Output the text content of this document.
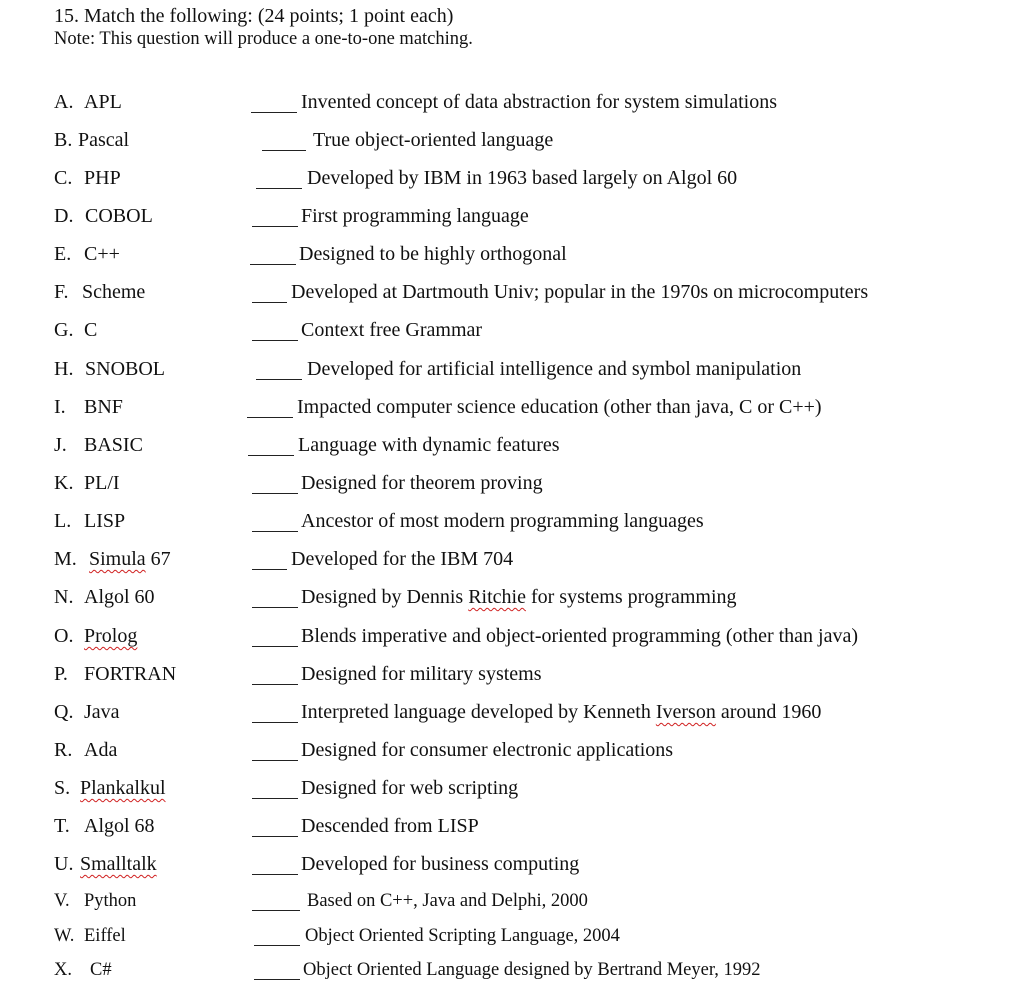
15. Match the following: (24 points; 1 point each)
Note: This question will produce a one-to-one matching.
A. APL
B. Pascal
C. PHP
D. COBOL
E. C++
F. Scheme
G. C
H. SNOBOL
I. BNF
J. BASIC
K. PL/I
L. LISP
M. Simula 67
N. Algol 60
O. Prolog
P. FORTRAN
Q. Java
R. Ada
S. Plankalkul
T. Algol 68
U. Smalltalk
V. Python
W. Eiffel
X. C#
Invented concept of data abstraction for system simulations
True object-oriented language
Developed by IBM in 1963 based largely on Algol 60
First programming language
Designed to be highly orthogonal
Developed at Dartmouth Univ; popular in the 1970s on microcomputers
Context free Grammar
Developed for artificial intelligence and symbol manipulation
Impacted computer science education (other than java, C or C++)
Language with dynamic features
Designed for theorem proving
Ancestor of most modern programming languages
Developed for the IBM 704
Designed by Dennis Ritchie for systems programming
Blends imperative and object-oriented programming (other than java)
Designed for military systems
Interpreted language developed by Kenneth Iverson around 1960
Designed for consumer electronic applications
Designed for web scripting
Descended from LISP
Developed for business computing
Based on C++, Java and Delphi, 2000
Object Oriented Scripting Language, 2004
Object Oriented Language designed by Bertrand Meyer, 1992
